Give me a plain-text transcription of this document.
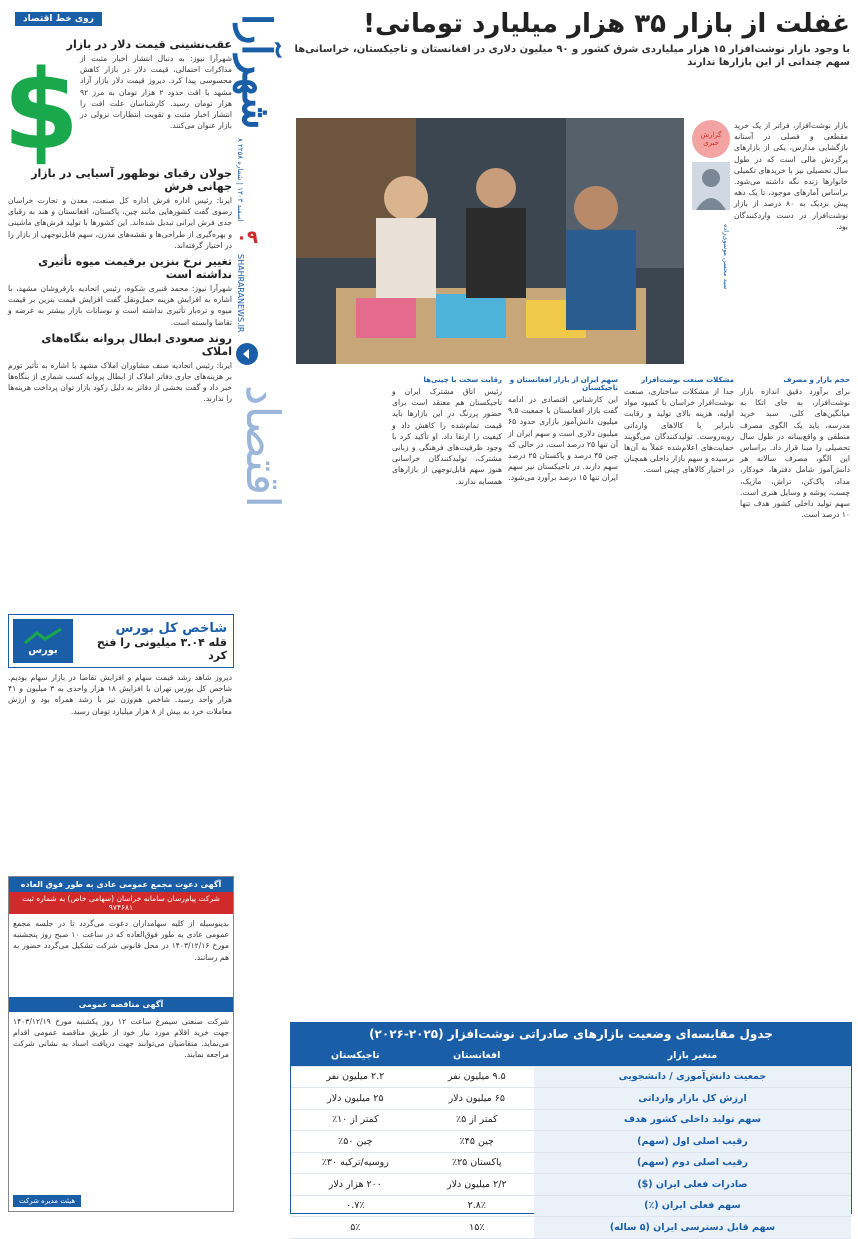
روی خط اقتصاد
عقب‌نشینی قیمت دلار در بازار
شهرآرا نیوز: به دنبال انتشار اخبار مثبت از مذاکرات احتمالی، قیمت دلار در بازار کاهش محسوسی پیدا کرد. دیروز قیمت دلار بازار آزاد مشهد با افت حدود ۲ هزار تومان به مرز ۹۲ هزار تومان رسید. کارشناسان علت افت را انتشار اخبار مثبت و تقویت انتظارات نزولی در بازار عنوان می‌کنند.
$
جولان رقبای نوظهور آسیایی در بازار جهانی فرش
ایرنا: رئیس اداره فرش اداره کل صنعت، معدن و تجارت خراسان رضوی گفت کشورهایی مانند چین، پاکستان، افغانستان و هند به رقبای جدی فرش ایرانی تبدیل شده‌اند. این کشورها با تولید فرش‌های ماشینی و بهره‌گیری از طراحی‌ها و نقشه‌های مدرن، سهم قابل‌توجهی از بازار را در اختیار گرفته‌اند.
تغییر نرخ بنزین برقیمت میوه تأثیری نداشته است
شهرآرا نیوز: محمد قنبری شکوه، رئیس اتحادیه بارفروشان مشهد، با اشاره به افزایش هزینه حمل‌ونقل گفت افزایش قیمت بنزین بر قیمت میوه و تره‌بار تأثیری نداشته است و نوسانات بازار بیشتر به عرضه و تقاضا وابسته است.
روند صعودی ابطال پروانه بنگاه‌های املاک
ایرنا: رئیس اتحادیه صنف مشاوران املاک مشهد با اشاره به تأثیر تورم بر هزینه‌های جاری دفاتر املاک از ابطال پروانه کسب شماری از بنگاه‌ها خبر داد و گفت بخشی از دفاتر به دلیل رکود بازار توان پرداخت هزینه‌ها را ندارند.
شاخص کل بورس
قله ۳.۰۴ میلیونی را فتح کرد
بورس
دیروز شاهد رشد قیمت سهام و افزایش تقاضا در بازار سهام بودیم. شاخص کل بورس تهران با افزایش ۱۸ هزار واحدی به ۳ میلیون و ۴۱ هزار واحد رسید. شاخص هم‌وزن نیز با رشد همراه بود و ارزش معاملات خرد به بیش از ۸ هزار میلیارد تومان رسید.
آگهی دعوت مجمع عمومی عادی به طور فوق العاده
شرکت پیام‌رسان سامانه خراسان (سهامی خاص) به شماره ثبت ۹۷۴۶۸۱
بدینوسیله از کلیه سهامداران دعوت می‌گردد تا در جلسه مجمع عمومی عادی به طور فوق‌العاده که در ساعت ۱۰ صبح روز پنجشنبه مورخ ۱۴۰۳/۱۲/۱۶ در محل قانونی شرکت تشکیل می‌گردد حضور به هم رسانند.
آگهی مناقصه عمومی
شرکت صنعتی سیمرغ ساعت ۱۲ روز یکشنبه مورخ ۱۴۰۳/۱۲/۱۹ جهت خرید اقلام مورد نیاز خود از طریق مناقصه عمومی اقدام می‌نماید. متقاضیان می‌توانند جهت دریافت اسناد به نشانی شرکت مراجعه نمایند.
هیئت مدیره شرکت
شهرآرا
۸ اسفند ۱۴۰۳ | شماره ۲۲۵۸
۰۹
SHAHRARANEWS.IR
اقتصاد
غفلت از بازار ۳۵ هزار میلیارد تومانی!
با وجود بازار نوشت‌افزار ۱۵ هزار میلیاردی شرق کشور و ۹۰ میلیون دلاری در افغانستان و تاجیکستان، خراسانی‌ها سهم چندانی از این بازارها ندارند
بازار نوشت‌افزار، فراتر از یک خرید مقطعی و فصلی در آستانه بازگشایی مدارس، یکی از بازارهای پرگردش مالی است که در طول سال تحصیلی نیز با خریدهای تکمیلی خانوارها زنده نگه داشته می‌شود. براساس آمارهای موجود، تا یک دهه پیش نزدیک به ۸۰ درصد از بازار نوشت‌افزار در دست واردکنندگان بود.
گزارش خبری
سید محسن موسوی‌زاده
حجم بازار و مصرف
برای برآورد دقیق اندازه بازار نوشت‌افزار، به جای اتکا به میانگین‌های کلی، سبد خرید مدرسه، باید یک الگوی مصرف منطقی و واقع‌بینانه در طول سال تحصیلی را مبنا قرار داد. براساس این الگو، مصرف سالانه هر دانش‌آموز شامل دفترها، خودکار، مداد، پاک‌کن، تراش، مازیک، چسب، پوشه و وسایل هنری است. سهم تولید داخلی کشور هدف تنها ۱۰ درصد است.
مشکلات صنعت نوشت‌افزار
جدا از مشکلات ساختاری، صنعت نوشت‌افزار خراسان با کمبود مواد اولیه، هزینه بالای تولید و رقابت نابرابر با کالاهای وارداتی روبه‌روست. تولیدکنندگان می‌گویند حمایت‌های اعلام‌شده عملاً به آن‌ها نرسیده و سهم بازار داخلی همچنان در اختیار کالاهای چینی است.
سهم ایران از بازار افغانستان و تاجیکستان
این کارشناس اقتصادی در ادامه گفت بازار افغانستان با جمعیت ۹.۵ میلیون دانش‌آموز بازاری حدود ۶۵ میلیون دلاری است و سهم ایران از آن تنها ۲۵ درصد است، در حالی که چین ۴۵ درصد و پاکستان ۲۵ درصد سهم دارند. در تاجیکستان نیز سهم ایران تنها ۱۵ درصد برآورد می‌شود.
رقابت سخت با چینی‌ها
رئیس اتاق مشترک ایران و تاجیکستان هم معتقد است برای حضور پررنگ در این بازارها باید قیمت تمام‌شده را کاهش داد و کیفیت را ارتقا داد. او تأکید کرد با وجود ظرفیت‌های فرهنگی و زبانی مشترک، تولیدکنندگان خراسانی هنوز سهم قابل‌توجهی از بازارهای همسایه ندارند.
جدول مقایسه‌ای وضعیت بازارهای صادراتی نوشت‌افزار (۲۰۲۵-۲۰۲۶)
متغیر بازار	افغانستان	تاجیکستان
جمعیت دانش‌آموزی / دانشجویی	۹.۵ میلیون نفر	۲.۲ میلیون نفر
ارزش کل بازار وارداتی	۶۵ میلیون دلار	۲۵ میلیون دلار
سهم تولید داخلی کشور هدف	کمتر از ۵٪	کمتر از ۱۰٪
رقیب اصلی اول (سهم)	چین ۴۵٪	چین ۵۰٪
رقیب اصلی دوم (سهم)	پاکستان ۲۵٪	روسیه/ترکیه ۳۰٪
صادرات فعلی ایران ($)	۲/۲ میلیون دلار	۲۰۰ هزار دلار
سهم فعلی ایران (٪)	۲.۸٪	۰.۷٪
سهم قابل دسترسی ایران (۵ ساله)	۱۵٪	۵٪
